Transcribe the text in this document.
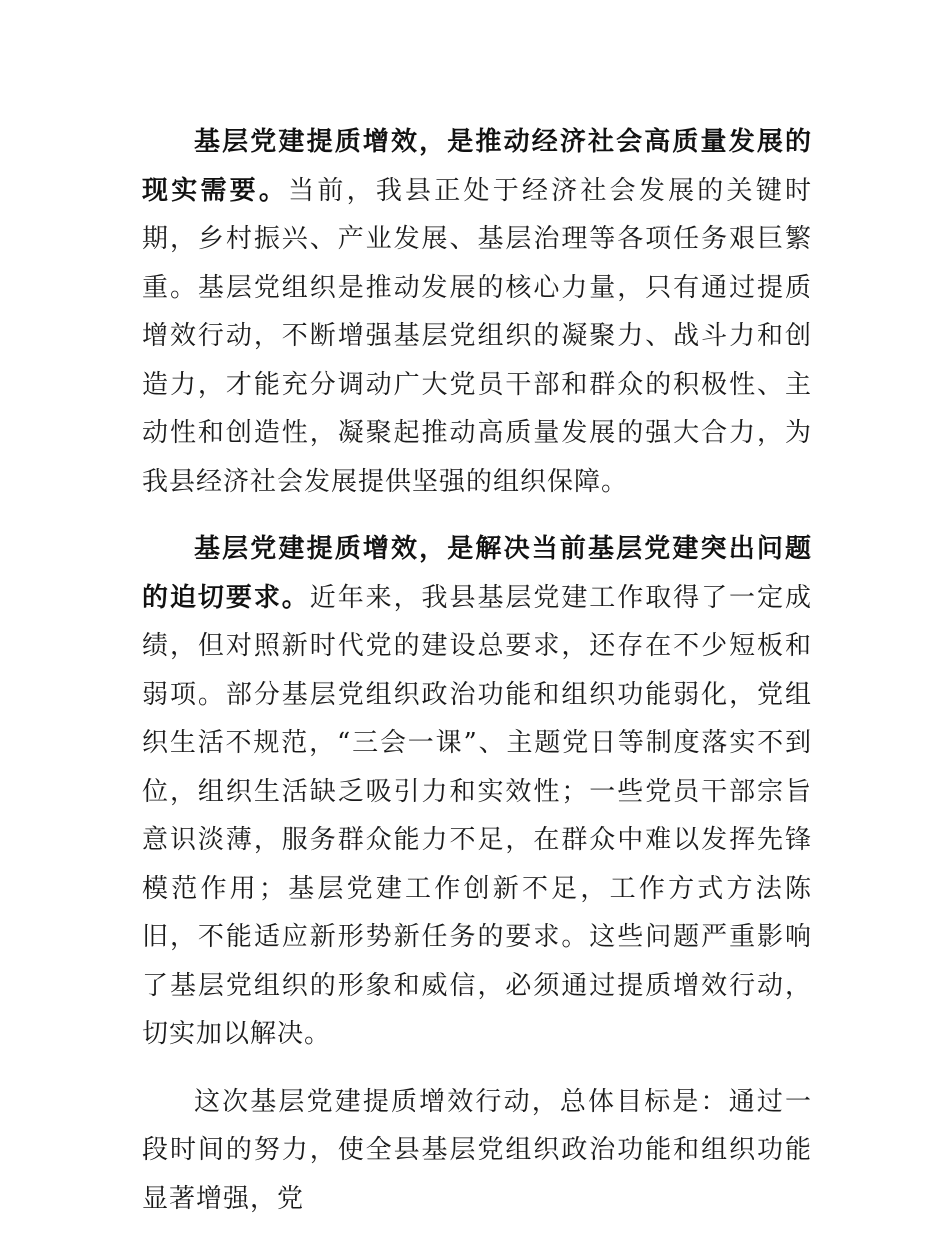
基层党建提质增效，是推动经济社会高质量发展的现实需要。当前，我县正处于经济社会发展的关键时期，乡村振兴、产业发展、基层治理等各项任务艰巨繁重。基层党组织是推动发展的核心力量，只有通过提质增效行动，不断增强基层党组织的凝聚力、战斗力和创造力，才能充分调动广大党员干部和群众的积极性、主动性和创造性，凝聚起推动高质量发展的强大合力，为我县经济社会发展提供坚强的组织保障。

基层党建提质增效，是解决当前基层党建突出问题的迫切要求。近年来，我县基层党建工作取得了一定成绩，但对照新时代党的建设总要求，还存在不少短板和弱项。部分基层党组织政治功能和组织功能弱化，党组织生活不规范，“三会一课”、主题党日等制度落实不到位，组织生活缺乏吸引力和实效性；一些党员干部宗旨意识淡薄，服务群众能力不足，在群众中难以发挥先锋模范作用；基层党建工作创新不足，工作方式方法陈旧，不能适应新形势新任务的要求。这些问题严重影响了基层党组织的形象和威信，必须通过提质增效行动，切实加以解决。

这次基层党建提质增效行动，总体目标是：通过一段时间的努力，使全县基层党组织政治功能和组织功能显著增强，党
